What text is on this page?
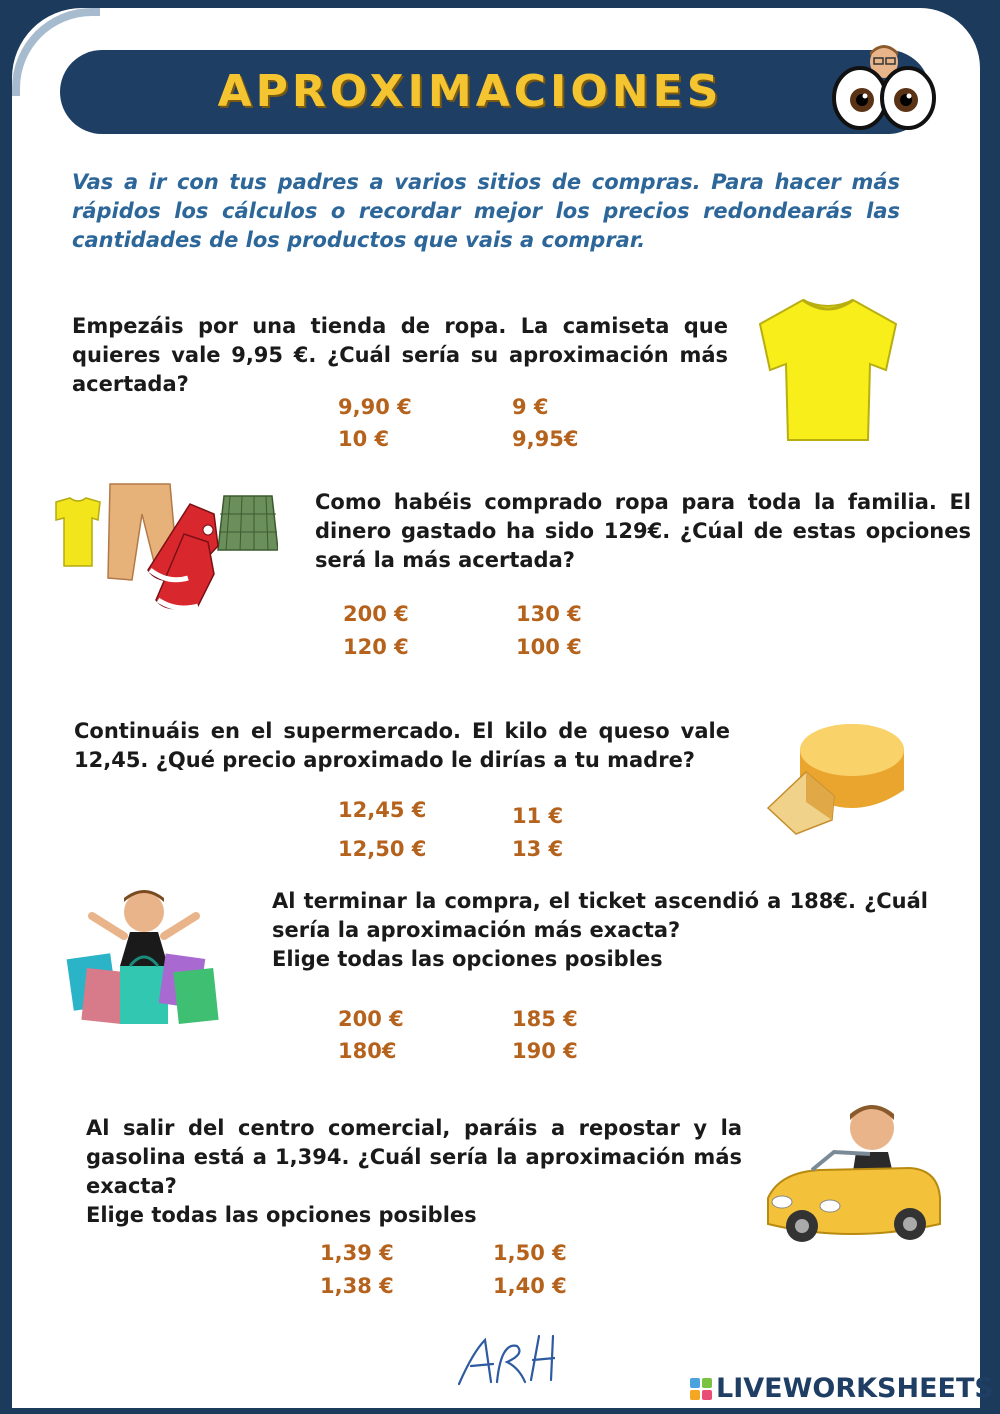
APROXIMACIONES
Vas a ir con tus padres a varios sitios de compras. Para hacer más rápidos los cálculos o recordar mejor los precios redondearás las cantidades de los productos que vais a comprar.
Empezáis por una tienda de ropa. La camiseta que quieres vale 9,95 €. ¿Cuál sería su aproximación más acertada?
9,90 €	9 €
10 €	9,95€
Como habéis comprado ropa para toda la familia. El dinero gastado ha sido 129€. ¿Cúal de estas opciones será la más acertada?
200 €	130 €
120 €	100 €
Continuáis en el supermercado. El kilo de queso vale 12,45. ¿Qué precio aproximado le dirías a tu madre?
12,45 €	11 €
12,50 €	13 €
Al terminar la compra, el ticket ascendió a 188€. ¿Cuál sería la aproximación más exacta?
Elige todas las opciones posibles
200 €	185 €
180€	190 €
Al salir del centro comercial, paráis a repostar y la gasolina está a 1,394. ¿Cuál sería la aproximación más exacta?
Elige todas las opciones posibles
1,39 €	1,50 €
1,38 €	1,40 €
LIVEWORKSHEETS
